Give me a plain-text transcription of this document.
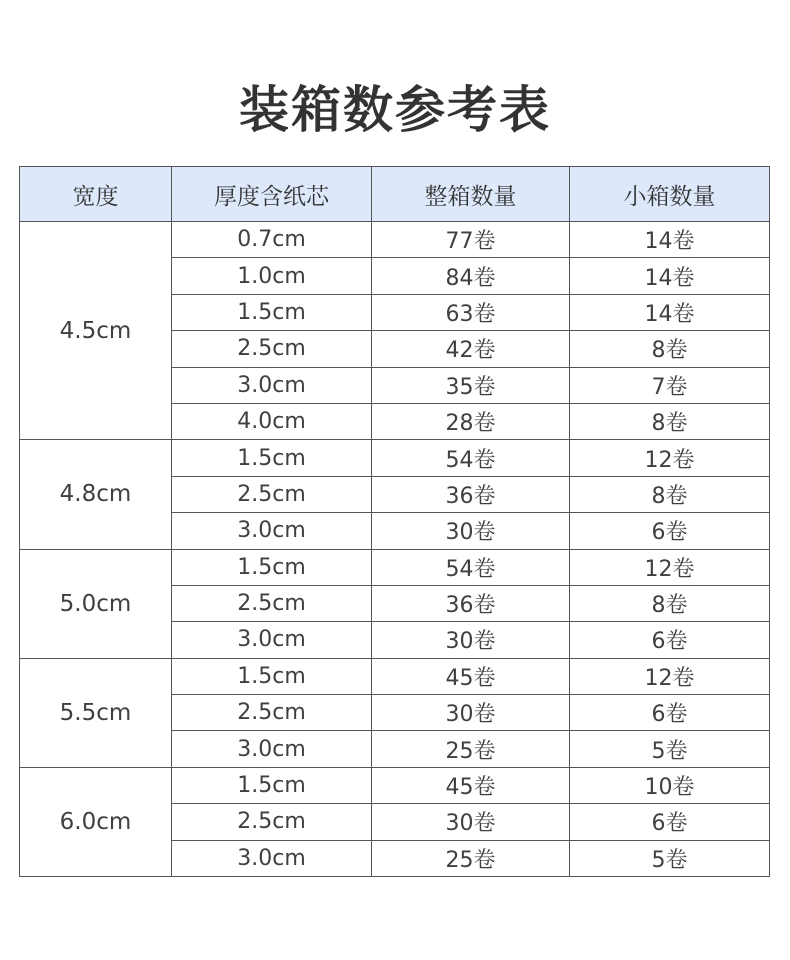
装箱数参考表
宽度	厚度含纸芯	整箱数量	小箱数量
4.5cm	0.7cm	77卷	14卷
	1.0cm	84卷	14卷
	1.5cm	63卷	14卷
	2.5cm	42卷	8卷
	3.0cm	35卷	7卷
	4.0cm	28卷	8卷
4.8cm	1.5cm	54卷	12卷
	2.5cm	36卷	8卷
	3.0cm	30卷	6卷
5.0cm	1.5cm	54卷	12卷
	2.5cm	36卷	8卷
	3.0cm	30卷	6卷
5.5cm	1.5cm	45卷	12卷
	2.5cm	30卷	6卷
	3.0cm	25卷	5卷
6.0cm	1.5cm	45卷	10卷
	2.5cm	30卷	6卷
	3.0cm	25卷	5卷
